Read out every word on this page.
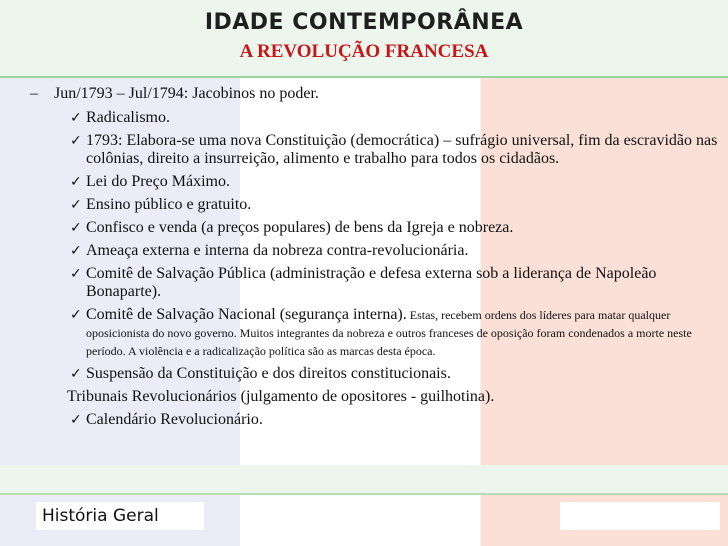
IDADE CONTEMPORÂNEA
A REVOLUÇÃO FRANCESA
– Jun/1793 – Jul/1794: Jacobinos no poder.
✓ Radicalismo.
✓ 1793: Elabora-se uma nova Constituição (democrática) – sufrágio universal, fim da escravidão nas colônias, direito a insurreição, alimento e trabalho para todos os cidadãos.
✓ Lei do Preço Máximo.
✓ Ensino público e gratuito.
✓ Confisco e venda (a preços populares) de bens da Igreja e nobreza.
✓ Ameaça externa e interna da nobreza contra-revolucionária.
✓ Comitê de Salvação Pública (administração e defesa externa sob a liderança de Napoleão Bonaparte).
✓ Comitê de Salvação Nacional (segurança interna). Estas, recebem ordens dos líderes para matar qualquer oposicionista do novo governo. Muitos integrantes da nobreza e outros franceses de oposição foram condenados a morte neste período. A violência e a radicalização política são as marcas desta época.
✓ Suspensão da Constituição e dos direitos constitucionais.
Tribunais Revolucionários (julgamento de opositores - guilhotina).
✓ Calendário Revolucionário.
História Geral
